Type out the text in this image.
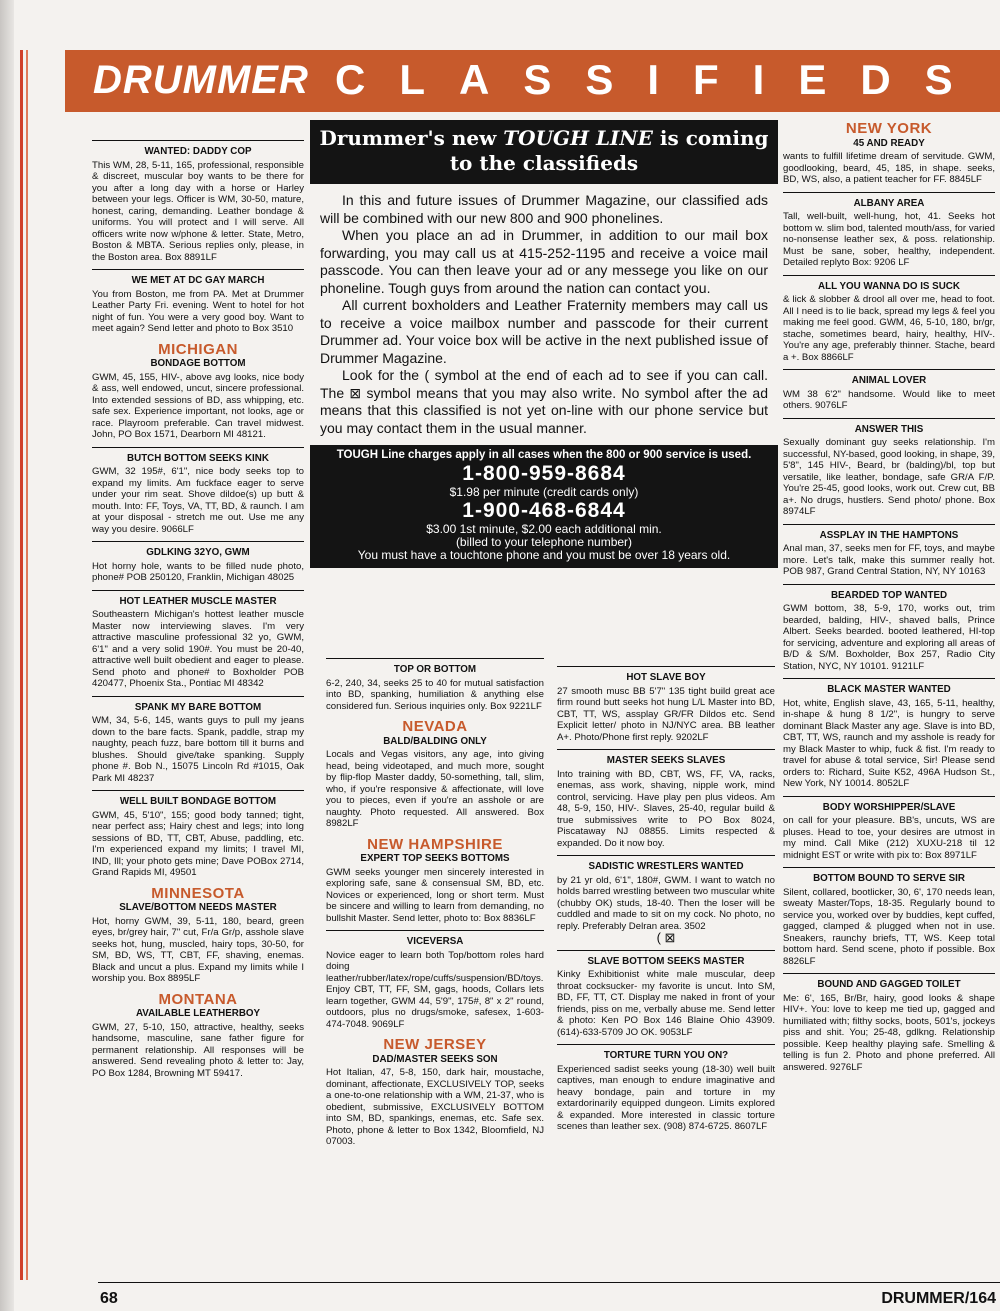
DRUMMER CLASSIFIEDS
WANTED: DADDY COP

This WM, 28, 5-11, 165, professional, responsible & discreet, muscular boy wants to be there for you after a long day with a horse or Harley between your legs. Officer is WM, 30-50, mature, honest, caring, demanding. Leather bondage & uniforms. You will protect and I will serve. All officers write now w/phone & letter. State, Metro, Boston & MBTA. Serious replies only, please, in the Boston area. Box 8891LF

WE MET AT DC GAY MARCH

You from Boston, me from PA. Met at Drummer Leather Party Fri. evening. Went to hotel for hot night of fun. You were a very good boy. Want to meet again? Send letter and photo to Box 3510

MICHIGAN
BONDAGE BOTTOM

GWM, 45, 155, HIV-, above avg looks, nice body & ass, well endowed, uncut, sincere professional. Into extended sessions of BD, ass whipping, etc. safe sex. Experience important, not looks, age or race. Playroom preferable. Can travel midwest. John, PO Box 1571, Dearborn MI 48121.

BUTCH BOTTOM SEEKS KINK

GWM, 32 195#, 6'1", nice body seeks top to expand my limits. Am fuckface eager to serve under your rim seat. Shove dildoe(s) up butt & mouth. Into: FF, Toys, VA, TT, BD, & raunch. I am at your disposal - stretch me out. Use me any way you desire. 9066LF

GDLKING 32YO, GWM

Hot horny hole, wants to be filled nude photo, phone# POB 250120, Franklin, Michigan 48025

HOT LEATHER MUSCLE MASTER

Southeastern Michigan's hottest leather muscle Master now interviewing slaves. I'm very attractive masculine professional 32 yo, GWM, 6'1" and a very solid 190#. You must be 20-40, attractive well built obedient and eager to please. Send photo and phone# to Boxholder POB 420477, Phoenix Sta., Pontiac MI 48342

SPANK MY BARE BOTTOM

WM, 34, 5-6, 145, wants guys to pull my jeans down to the bare facts. Spank, paddle, strap my naughty, peach fuzz, bare bottom till it burns and blushes. Should give/take spanking. Supply phone #. Bob N., 15075 Lincoln Rd #1015, Oak Park MI 48237

WELL BUILT BONDAGE BOTTOM

GWM, 45, 5'10", 155; good body tanned; tight, near perfect ass; Hairy chest and legs; into long sessions of BD, TT, CBT, Abuse, paddling, etc. I'm experienced expand my limits; I travel MI, IND, Ill; your photo gets mine; Dave POBox 2714, Grand Rapids MI, 49501

MINNESOTA
SLAVE/BOTTOM NEEDS MASTER

Hot, horny GWM, 39, 5-11, 180, beard, green eyes, br/grey hair, 7" cut, Fr/a Gr/p, asshole slave seeks hot, hung, muscled, hairy tops, 30-50, for SM, BD, WS, TT, CBT, FF, shaving, enemas. Black and uncut a plus. Expand my limits while I worship you. Box 8895LF

MONTANA
AVAILABLE LEATHERBOY

GWM, 27, 5-10, 150, attractive, healthy, seeks handsome, masculine, sane father figure for permanent relationship. All responses will be answered. Send revealing photo & letter to: Jay, PO Box 1284, Browning MT 59417.

Drummer's new TOUGH LINE is coming to the classifieds

In this and future issues of Drummer Magazine, our classified ads will be combined with our new 800 and 900 phonelines.

When you place an ad in Drummer, in addition to our mail box forwarding, you may call us at 415-252-1195 and receive a voice mail passcode. You can then leave your ad or any messege you like on our phoneline. Tough guys from around the nation can contact you.

All current boxholders and Leather Fraternity members may call us to receive a voice mailbox number and passcode for their current Drummer ad. Your voice box will be active in the next published issue of Drummer Magazine.

Look for the ( symbol at the end of each ad to see if you can call. The ⊠ symbol means that you may also write. No symbol after the ad means that this classified is not yet on-line with our phone service but you may contact them in the usual manner.

TOUGH Line charges apply in all cases when the 800 or 900 service is used.
1-800-959-8684
$1.98 per minute (credit cards only)
1-900-468-6844
$3.00 1st minute, $2.00 each additional min.
(billed to your telephone number)
You must have a touchtone phone and you must be over 18 years old.
TOP OR BOTTOM

6-2, 240, 34, seeks 25 to 40 for mutual satisfaction into BD, spanking, humiliation & anything else considered fun. Serious inquiries only. Box 9221LF

NEVADA
BALD/BALDING ONLY

Locals and Vegas visitors, any age, into giving head, being videotaped, and much more, sought by flip-flop Master daddy, 50-something, tall, slim, who, if you're responsive & affectionate, will love you to pieces, even if you're an asshole or are naughty. Photo requested. All answered. Box 8982LF

NEW HAMPSHIRE
EXPERT TOP SEEKS BOTTOMS

GWM seeks younger men sincerely interested in exploring safe, sane & consensual SM, BD, etc. Novices or experienced, long or short term. Must be sincere and willing to learn from demanding, no bullshit Master. Send letter, photo to: Box 8836LF

VICEVERSA

Novice eager to learn both Top/bottom roles hard doing leather/rubber/latex/rope/cuffs/suspension/BD/toys. Enjoy CBT, TT, FF, SM, gags, hoods, Collars lets learn together, GWM 44, 5'9", 175#, 8" x 2" round, outdoors, plus no drugs/smoke, safesex, 1-603-474-7048. 9069LF

NEW JERSEY
DAD/MASTER SEEKS SON

Hot Italian, 47, 5-8, 150, dark hair, moustache, dominant, affectionate, EXCLUSIVELY TOP, seeks a one-to-one relationship with a WM, 21-37, who is obedient, submissive, EXCLUSIVELY BOTTOM into SM, BD, spankings, enemas, etc. Safe sex. Photo, phone & letter to Box 1342, Bloomfield, NJ 07003.

HOT SLAVE BOY

27 smooth musc BB 5'7" 135 tight build great ace firm round butt seeks hot hung L/L Master into BD, CBT, TT, WS, assplay GR/FR Dildos etc. Send Explicit letter/ photo in NJ/NYC area. BB leather A+. Photo/Phone first reply. 9202LF

MASTER SEEKS SLAVES

Into training with BD, CBT, WS, FF, VA, racks, enemas, ass work, shaving, nipple work, mind control, servicing. Have play pen plus videos. Am 48, 5-9, 150, HIV-. Slaves, 25-40, regular build & true submissives write to PO Box 8024, Piscataway NJ 08855. Limits respected & expanded. Do it now boy.

SADISTIC WRESTLERS WANTED

by 21 yr old, 6'1", 180#, GWM. I want to watch no holds barred wrestling between two muscular white (chubby OK) studs, 18-40. Then the loser will be cuddled and made to sit on my cock. No photo, no reply. Preferably Delran area. 3502

( ⊠
SLAVE BOTTOM SEEKS MASTER

Kinky Exhibitionist white male muscular, deep throat cocksucker- my favorite is uncut. Into SM, BD, FF, TT, CT. Display me naked in front of your friends, piss on me, verbally abuse me. Send letter & photo: Ken PO Box 146 Blaine Ohio 43909. (614)-633-5709 JO OK. 9053LF

TORTURE TURN YOU ON?

Experienced sadist seeks young (18-30) well built captives, man enough to endure imaginative and heavy bondage, pain and torture in my extardorinarily equipped dungeon. Limits explored & expanded. More interested in classic torture scenes than leather sex. (908) 874-6725. 8607LF

NEW YORK
45 AND READY

wants to fulfill lifetime dream of servitude. GWM, goodlooking, beard, 45, 185, in shape. seeks, BD, WS, also, a patient teacher for FF. 8845LF

ALBANY AREA

Tall, well-built, well-hung, hot, 41. Seeks hot bottom w. slim bod, talented mouth/ass, for varied no-nonsense leather sex, & poss. relationship. Must be sane, sober, healthy, independent. Detailed replyto Box: 9206 LF

ALL YOU WANNA DO IS SUCK

& lick & slobber & drool all over me, head to foot. All I need is to lie back, spread my legs & feel you making me feel good. GWM, 46, 5-10, 180, br/gr, stache, sometimes beard, hairy, healthy, HIV-. You're any age, preferably thinner. Stache, beard a +. Box 8866LF

ANIMAL LOVER

WM 38 6'2" handsome. Would like to meet others. 9076LF

ANSWER THIS

Sexually dominant guy seeks relationship. I'm successful, NY-based, good looking, in shape, 39, 5'8", 145 HIV-, Beard, br (balding)/bl, top but versatile, like leather, bondage, safe GR/A F/P. You're 25-45, good looks, work out. Crew cut, BB a+. No drugs, hustlers. Send photo/ phone. Box 8974LF

ASSPLAY IN THE HAMPTONS

Anal man, 37, seeks men for FF, toys, and maybe more. Let's talk, make this summer really hot. POB 987, Grand Central Station, NY, NY 10163

BEARDED TOP WANTED

GWM bottom, 38, 5-9, 170, works out, trim bearded, balding, HIV-, shaved balls, Prince Albert. Seeks bearded. booted leathered, HI-top for servicing, adventure and exploring all areas of B/D & S/M. Boxholder, Box 257, Radio City Station, NYC, NY 10101. 9121LF

BLACK MASTER WANTED

Hot, white, English slave, 43, 165, 5-11, healthy, in-shape & hung 8 1/2", is hungry to serve dominant Black Master any age. Slave is into BD, CBT, TT, WS, raunch and my asshole is ready for my Black Master to whip, fuck & fist. I'm ready to travel for abuse & total service, Sir! Please send orders to: Richard, Suite K52, 496A Hudson St., New York, NY 10014. 8052LF

BODY WORSHIPPER/SLAVE

on call for your pleasure. BB's, uncuts, WS are pluses. Head to toe, your desires are utmost in my mind. Call Mike (212) XUXU-218 til 12 midnight EST or write with pix to: Box 8971LF

BOTTOM BOUND TO SERVE SIR

Silent, collared, bootlicker, 30, 6', 170 needs lean, sweaty Master/Tops, 18-35. Regularly bound to service you, worked over by buddies, kept cuffed, gagged, clamped & plugged when not in use. Sneakers, raunchy briefs, TT, WS. Keep total bottom hard. Send scene, photo if possible. Box 8826LF

BOUND AND GAGGED TOILET

Me: 6', 165, Br/Br, hairy, good looks & shape HIV+. You: love to keep me tied up, gagged and humiliated with; filthy socks, boots, 501's, jockeys piss and shit. You; 25-48, gdlkng. Relationship possible. Keep healthy playing safe. Smelling & telling is fun 2. Photo and phone preferred. All answered. 9276LF

68	DRUMMER/164
